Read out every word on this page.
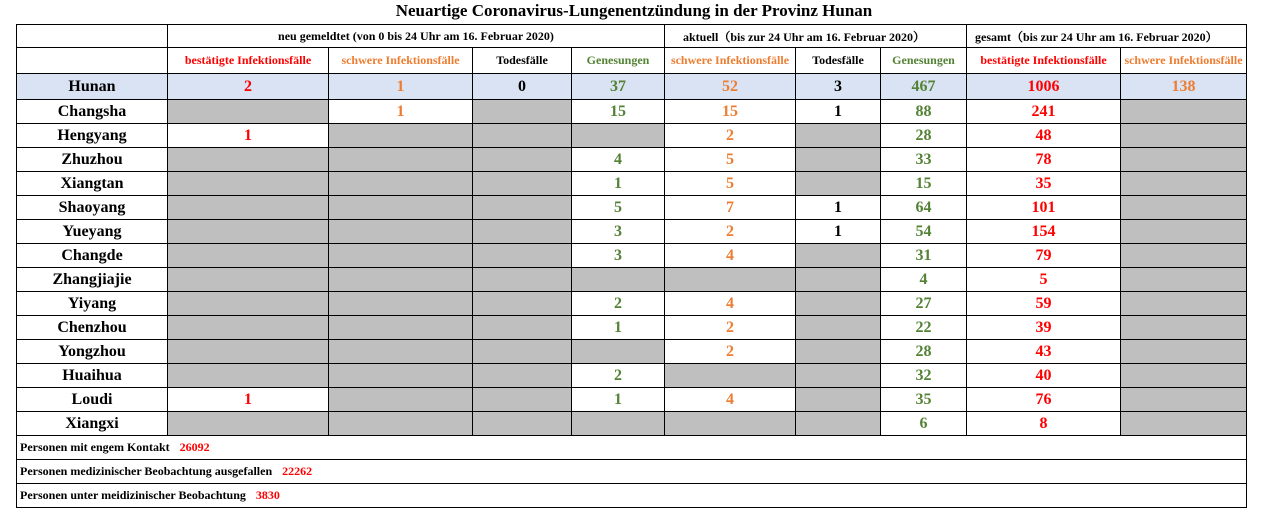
Neuartige Coronavirus-Lungenentzündung in der Provinz Hunan
	neu gemeldtet (von 0 bis 24 Uhr am 16. Februar 2020)				aktuell（bis zur 24 Uhr am 16. Februar 2020）			gesamt（bis zur 24 Uhr am 16. Februar 2020）	
	bestätigte Infektionsfälle	schwere Infektionsfälle	Todesfälle	Genesungen	schwere Infektionsfälle	Todesfälle	Genesungen	bestätigte Infektionsfälle	schwere Infektionsfälle
Hunan	2	1	0	37	52	3	467	1006	138
Changsha		1		15	15	1	88	241	
Hengyang	1				2		28	48	
Zhuzhou				4	5		33	78	
Xiangtan				1	5		15	35	
Shaoyang				5	7	1	64	101	
Yueyang				3	2	1	54	154	
Changde				3	4		31	79	
Zhangjiajie							4	5	
Yiyang				2	4		27	59	
Chenzhou				1	2		22	39	
Yongzhou					2		28	43	
Huaihua				2			32	40	
Loudi	1			1	4		35	76	
Xiangxi							6	8	
Personen mit engem Kontakt 26092									
Personen medizinischer Beobachtung ausgefallen 22262									
Personen unter meidizinischer Beobachtung 3830									
